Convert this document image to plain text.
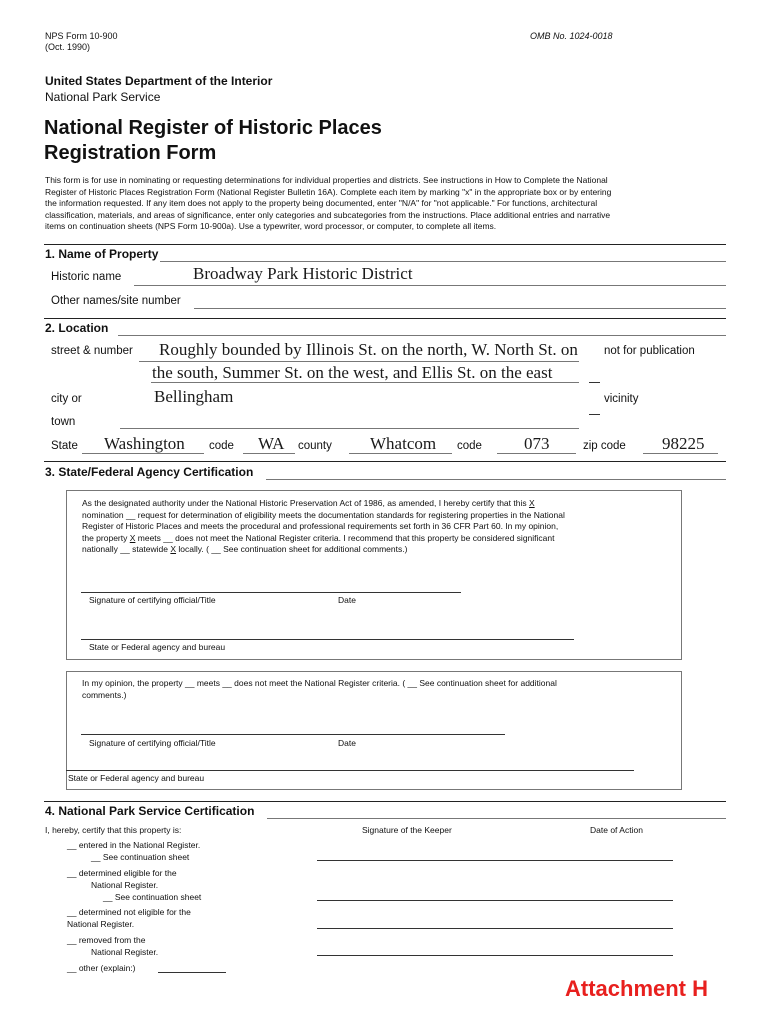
NPS Form 10-900
(Oct. 1990)
OMB No. 1024-0018
United States Department of the Interior
National Park Service
National Register of Historic Places
Registration Form
This form is for use in nominating or requesting determinations for individual properties and districts. See instructions in How to Complete the National
Register of Historic Places Registration Form (National Register Bulletin 16A). Complete each item by marking "x" in the appropriate box or by entering
the information requested. If any item does not apply to the property being documented, enter "N/A" for "not applicable." For functions, architectural
classification, materials, and areas of significance, enter only categories and subcategories from the instructions. Place additional entries and narrative
items on continuation sheets (NPS Form 10-900a). Use a typewriter, word processor, or computer, to complete all items.
1. Name of Property
Historic name	Broadway Park Historic District
Other names/site number
2. Location
street & number Roughly bounded by Illinois St. on the north, W. North St. on not for publication
the south, Summer St. on the west, and Ellis St. on the east
Bellingham
city or	vicinity
town
State Washington code WA county Whatcom code 073	zip code 98225
3. State/Federal Agency Certification
As the designated authority under the National Historic Preservation Act of 1986, as amended, I hereby certify that this X
nomination __ request for determination of eligibility meets the documentation standards for registering properties in the National
Register of Historic Places and meets the procedural and professional requirements set forth in 36 CFR Part 60. In my opinion,
the property X meets __ does not meet the National Register criteria. I recommend that this property be considered significant
nationally __ statewide X locally. ( __ See continuation sheet for additional comments.)
Signature of certifying official/Title	Date
State or Federal agency and bureau
In my opinion, the property __ meets __ does not meet the National Register criteria. ( __ See continuation sheet for additional
comments.)
Signature of certifying official/Title	Date
State or Federal agency and bureau
4. National Park Service Certification
I, hereby, certify that this property is:	Signature of the Keeper	Date of Action
__ entered in the National Register.
__ See continuation sheet
__ determined eligible for the
National Register.
__ See continuation sheet
__ determined not eligible for the
National Register.
__ removed from the
National Register.
__ other (explain:)
Attachment H
